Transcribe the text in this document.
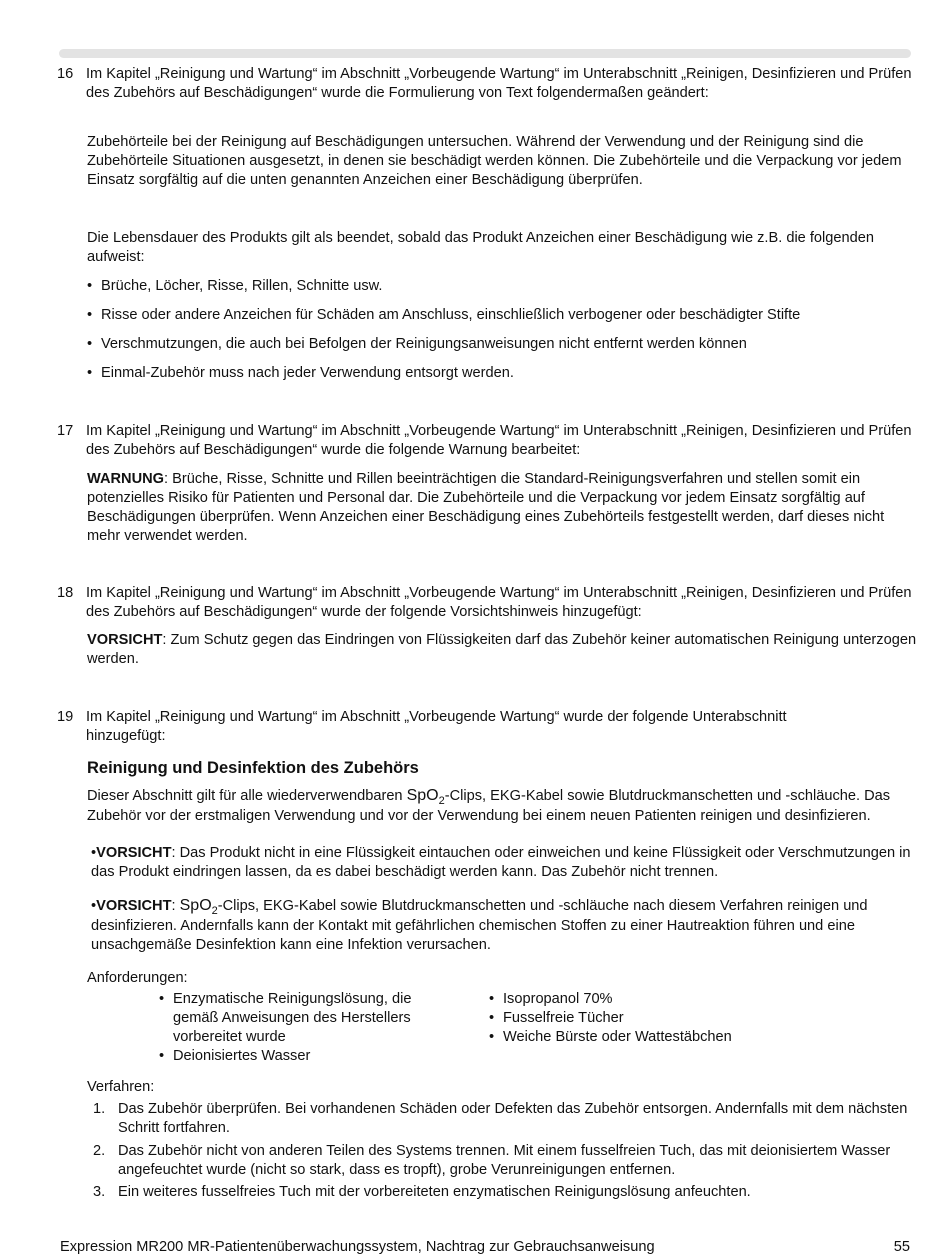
16 Im Kapitel „Reinigung und Wartung“ im Abschnitt „Vorbeugende Wartung“ im Unterabschnitt „Reinigen, Desinfizieren und Prüfen des Zubehörs auf Beschädigungen“ wurde die Formulierung von Text folgendermaßen geändert:

Zubehörteile bei der Reinigung auf Beschädigungen untersuchen. Während der Verwendung und der Reinigung sind die Zubehörteile Situationen ausgesetzt, in denen sie beschädigt werden können. Die Zubehörteile und die Verpackung vor jedem Einsatz sorgfältig auf die unten genannten Anzeichen einer Beschädigung überprüfen.

Die Lebensdauer des Produkts gilt als beendet, sobald das Produkt Anzeichen einer Beschädigung wie z.B. die folgenden aufweist:

• Brüche, Löcher, Risse, Rillen, Schnitte usw.
• Risse oder andere Anzeichen für Schäden am Anschluss, einschließlich verbogener oder beschädigter Stifte
• Verschmutzungen, die auch bei Befolgen der Reinigungsanweisungen nicht entfernt werden können
• Einmal-Zubehör muss nach jeder Verwendung entsorgt werden.
17 Im Kapitel „Reinigung und Wartung“ im Abschnitt „Vorbeugende Wartung“ im Unterabschnitt „Reinigen, Desinfizieren und Prüfen des Zubehörs auf Beschädigungen“ wurde die folgende Warnung bearbeitet:

WARNUNG: Brüche, Risse, Schnitte und Rillen beeinträchtigen die Standard-Reinigungsverfahren und stellen somit ein potenzielles Risiko für Patienten und Personal dar. Die Zubehörteile und die Verpackung vor jedem Einsatz sorgfältig auf Beschädigungen überprüfen. Wenn Anzeichen einer Beschädigung eines Zubehörteils festgestellt werden, darf dieses nicht mehr verwendet werden.

18 Im Kapitel „Reinigung und Wartung“ im Abschnitt „Vorbeugende Wartung“ im Unterabschnitt „Reinigen, Desinfizieren und Prüfen des Zubehörs auf Beschädigungen“ wurde der folgende Vorsichtshinweis hinzugefügt:

VORSICHT: Zum Schutz gegen das Eindringen von Flüssigkeiten darf das Zubehör keiner automatischen Reinigung unterzogen werden.

19 Im Kapitel „Reinigung und Wartung“ im Abschnitt „Vorbeugende Wartung“ wurde der folgende Unterabschnitt hinzugefügt:

Reinigung und Desinfektion des Zubehörs

Dieser Abschnitt gilt für alle wiederverwendbaren SpO$_2$-Clips, EKG-Kabel sowie Blutdruckmanschetten und -schläuche. Das Zubehör vor der erstmaligen Verwendung und vor der Verwendung bei einem neuen Patienten reinigen und desinfizieren.

•VORSICHT: Das Produkt nicht in eine Flüssigkeit eintauchen oder einweichen und keine Flüssigkeit oder Verschmutzungen in das Produkt eindringen lassen, da es dabei beschädigt werden kann. Das Zubehör nicht trennen.

•VORSICHT: SpO$_2$-Clips, EKG-Kabel sowie Blutdruckmanschetten und -schläuche nach diesem Verfahren reinigen und desinfizieren. Andernfalls kann der Kontakt mit gefährlichen chemischen Stoffen zu einer Hautreaktion führen und eine unsachgemäße Desinfektion kann eine Infektion verursachen.

Anforderungen:

• Enzymatische Reinigungslösung, die gemäß Anweisungen des Herstellers vorbereitet wurde
• Deionisiertes Wasser
• Isopropanol 70%
• Fusselfreie Tücher
• Weiche Bürste oder Wattestäbchen

Verfahren:

1. Das Zubehör überprüfen. Bei vorhandenen Schäden oder Defekten das Zubehör entsorgen. Andernfalls mit dem nächsten Schritt fortfahren.

2. Das Zubehör nicht von anderen Teilen des Systems trennen. Mit einem fusselfreien Tuch, das mit deionisiertem Wasser angefeuchtet wurde (nicht so stark, dass es tropft), grobe Verunreinigungen entfernen.

3. Ein weiteres fusselfreies Tuch mit der vorbereiteten enzymatischen Reinigungslösung anfeuchten.

Expression MR200 MR-Patientenüberwachungssystem, Nachtrag zur Gebrauchsanweisung	55
